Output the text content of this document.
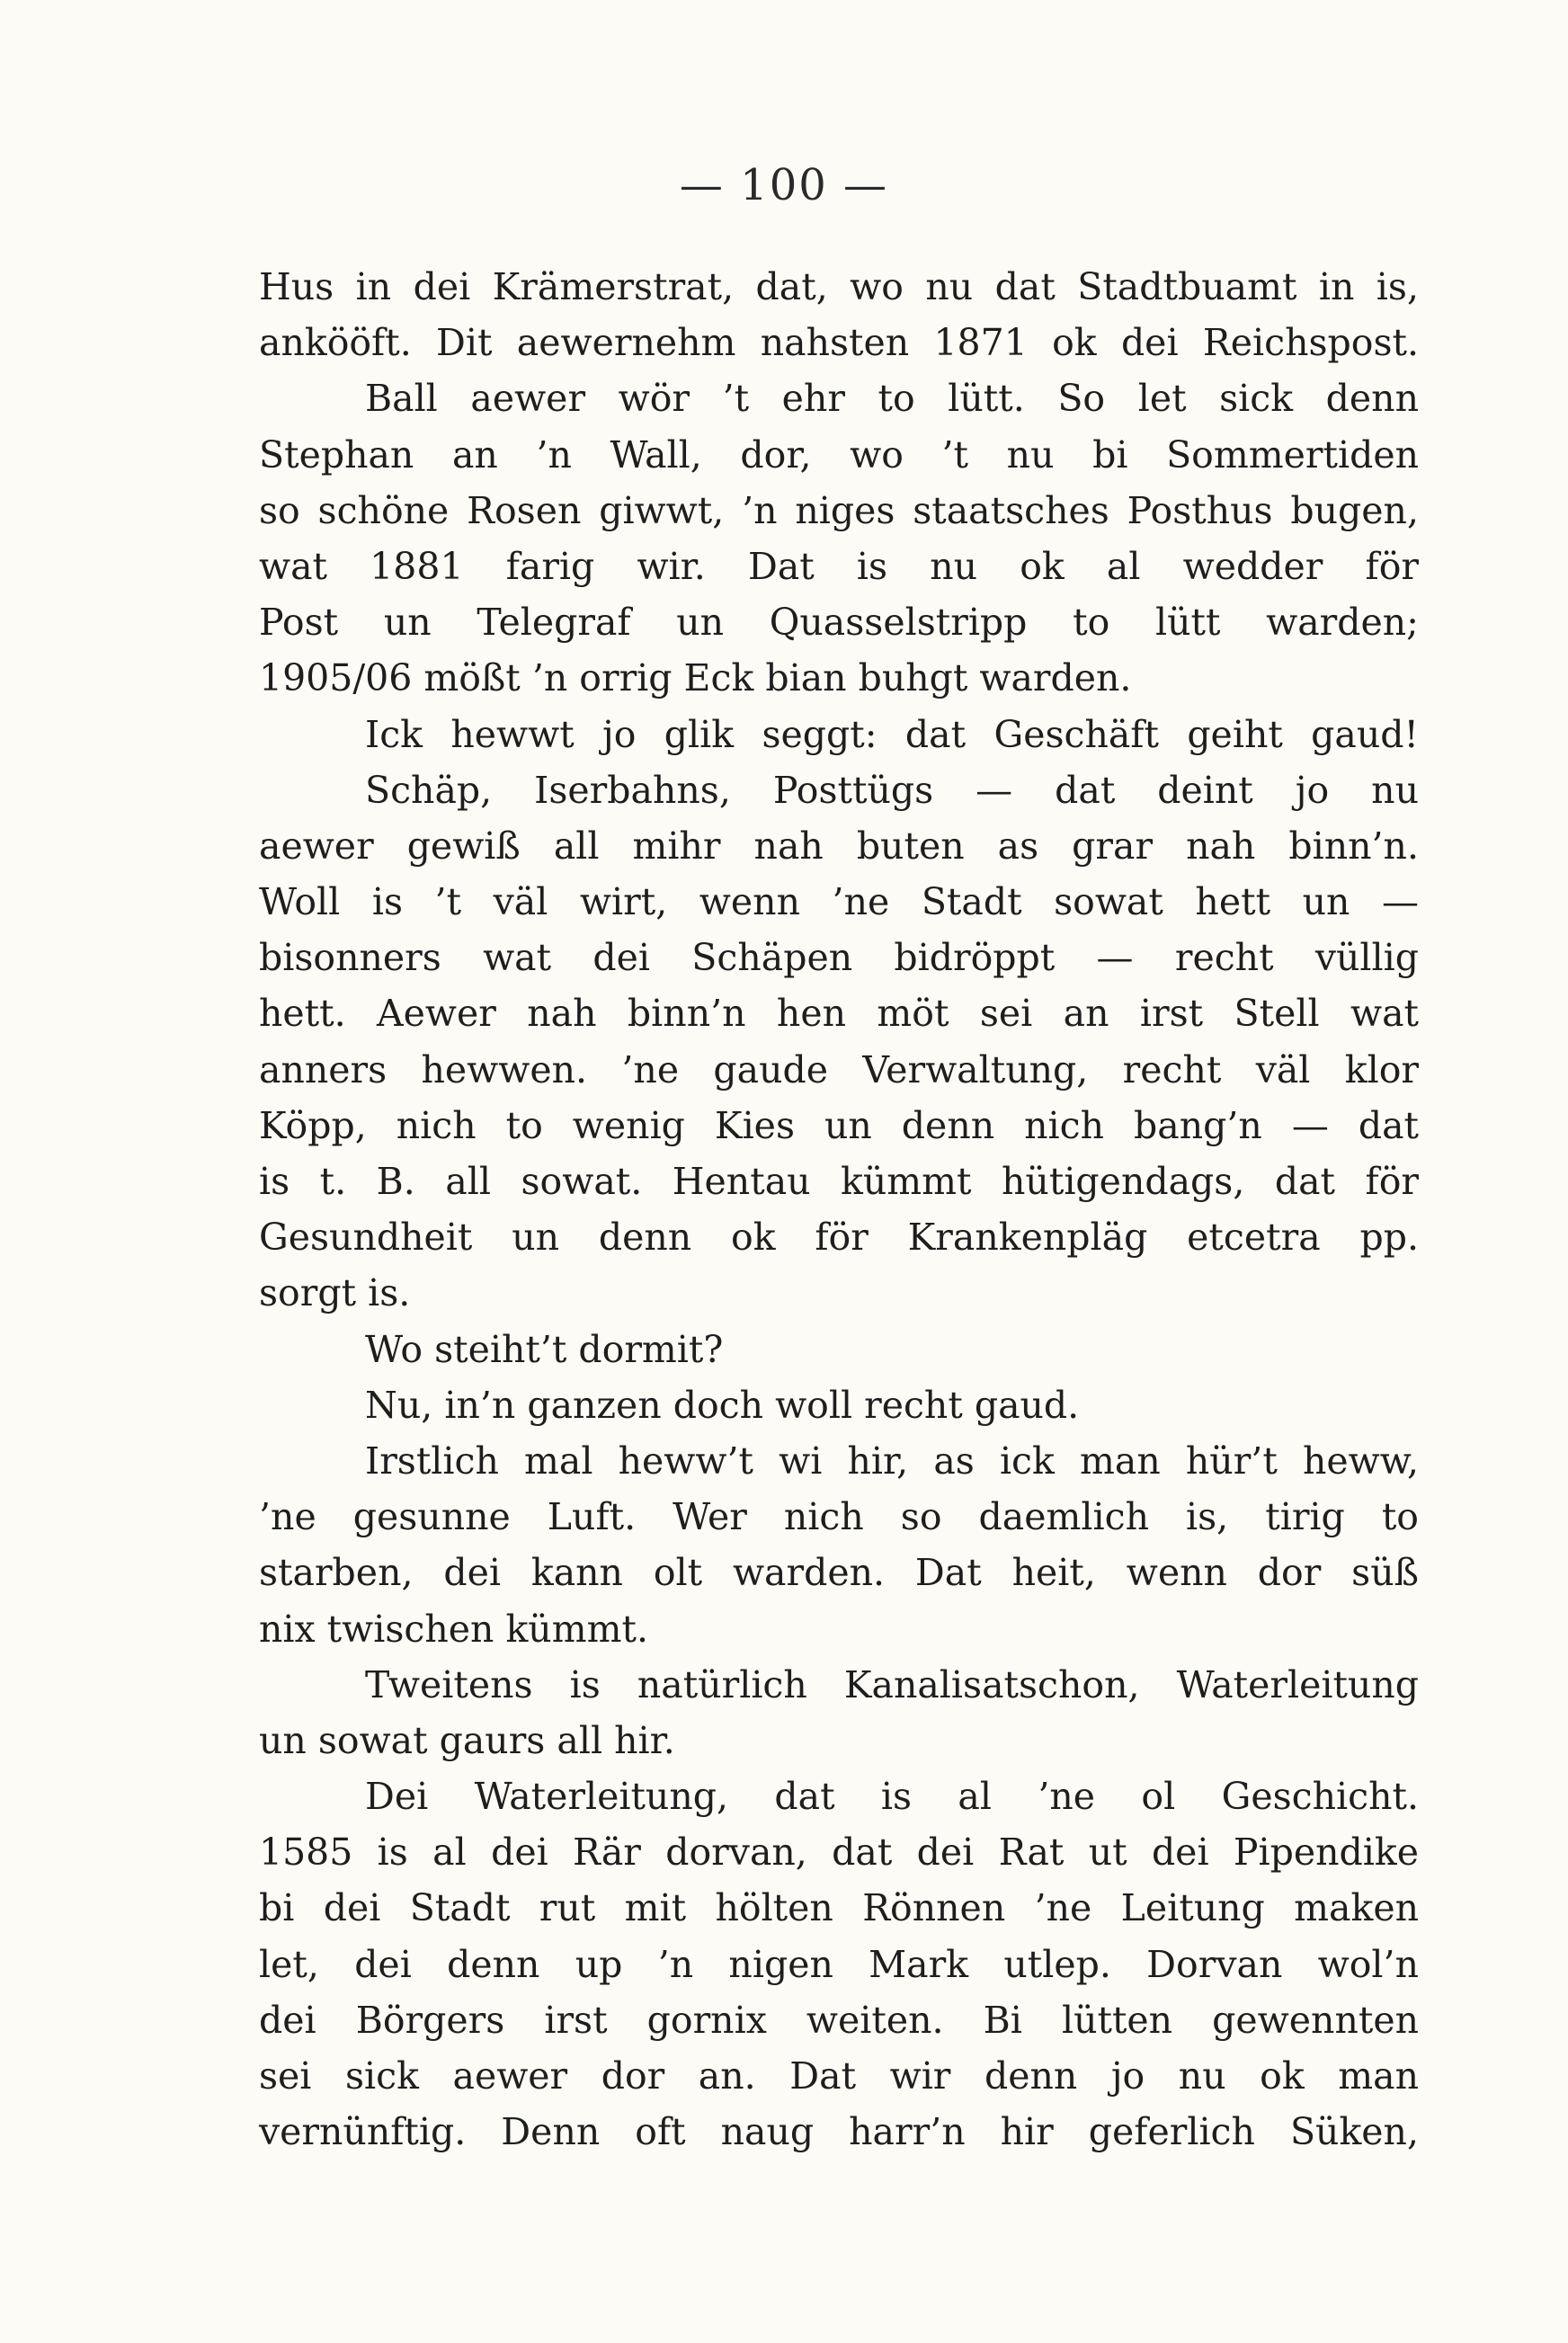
— 100 —
Hus in dei Krämerstrat, dat, wo nu dat Stadtbuamt in is,
ankööft. Dit aewernehm nahsten 1871 ok dei Reichspost.
Ball aewer wör ’t ehr to lütt. So let sick denn
Stephan an ’n Wall, dor, wo ’t nu bi Sommertiden
so schöne Rosen giwwt, ’n niges staatsches Posthus bugen,
wat 1881 farig wir. Dat is nu ok al wedder för
Post un Telegraf un Quasselstripp to lütt warden;
1905/06 mößt ’n orrig Eck bian buhgt warden.
Ick hewwt jo glik seggt: dat Geschäft geiht gaud!
Schäp, Iserbahns, Posttügs — dat deint jo nu
aewer gewiß all mihr nah buten as grar nah binn’n.
Woll is ’t väl wirt, wenn ’ne Stadt sowat hett un —
bisonners wat dei Schäpen bidröppt — recht vüllig
hett. Aewer nah binn’n hen möt sei an irst Stell wat
anners hewwen. ’ne gaude Verwaltung, recht väl klor
Köpp, nich to wenig Kies un denn nich bang’n — dat
is t. B. all sowat. Hentau kümmt hütigendags, dat för
Gesundheit un denn ok för Krankenpläg etcetra pp.
sorgt is.
Wo steiht’t dormit?
Nu, in’n ganzen doch woll recht gaud.
Irstlich mal heww’t wi hir, as ick man hür’t heww,
’ne gesunne Luft. Wer nich so daemlich is, tirig to
starben, dei kann olt warden. Dat heit, wenn dor süß
nix twischen kümmt.
Tweitens is natürlich Kanalisatschon, Waterleitung
un sowat gaurs all hir.
Dei Waterleitung, dat is al ’ne ol Geschicht.
1585 is al dei Rär dorvan, dat dei Rat ut dei Pipendike
bi dei Stadt rut mit hölten Rönnen ’ne Leitung maken
let, dei denn up ’n nigen Mark utlep. Dorvan wol’n
dei Börgers irst gornix weiten. Bi lütten gewennten
sei sick aewer dor an. Dat wir denn jo nu ok man
vernünftig. Denn oft naug harr’n hir geferlich Süken,
